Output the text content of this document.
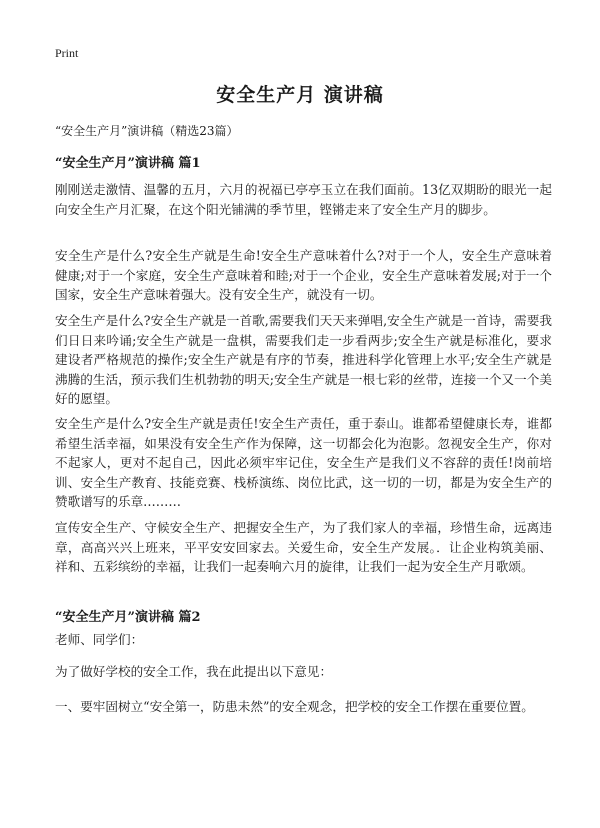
Print
安全生产月 演讲稿
“安全生产月”演讲稿（精选23篇）
“安全生产月”演讲稿 篇1
刚刚送走激情、温馨的五月，六月的祝福已亭亭玉立在我们面前。13亿双期盼的眼光一起向安全生产月汇聚，在这个阳光铺满的季节里，铿锵走来了安全生产月的脚步。
安全生产是什么?安全生产就是生命!安全生产意味着什么?对于一个人，安全生产意味着健康;对于一个家庭，安全生产意味着和睦;对于一个企业，安全生产意味着发展;对于一个国家，安全生产意味着强大。没有安全生产，就没有一切。
安全生产是什么?安全生产就是一首歌,需要我们天天来弹唱,安全生产就是一首诗，需要我们日日来吟诵;安全生产就是一盘棋，需要我们走一步看两步;安全生产就是标准化，要求建设者严格规范的操作;安全生产就是有序的节奏，推进科学化管理上水平;安全生产就是沸腾的生活，预示我们生机勃勃的明天;安全生产就是一根七彩的丝带，连接一个又一个美好的愿望。
安全生产是什么?安全生产就是责任!安全生产责任，重于泰山。谁都希望健康长寿，谁都希望生活幸福，如果没有安全生产作为保障，这一切都会化为泡影。忽视安全生产，你对不起家人，更对不起自己，因此必须牢牢记住，安全生产是我们义不容辞的责任!岗前培训、安全生产教育、技能竞赛、栈桥演练、岗位比武，这一切的一切，都是为安全生产的赞歌谱写的乐章………
宣传安全生产、守候安全生产、把握安全生产，为了我们家人的幸福，珍惜生命，远离违章，高高兴兴上班来，平平安安回家去。关爱生命，安全生产发展。．让企业构筑美丽、祥和、五彩缤纷的幸福，让我们一起奏响六月的旋律，让我们一起为安全生产月歌颂。
“安全生产月”演讲稿 篇2
老师、同学们：
为了做好学校的安全工作，我在此提出以下意见：
一、要牢固树立“安全第一，防患未然”的安全观念，把学校的安全工作摆在重要位置。
